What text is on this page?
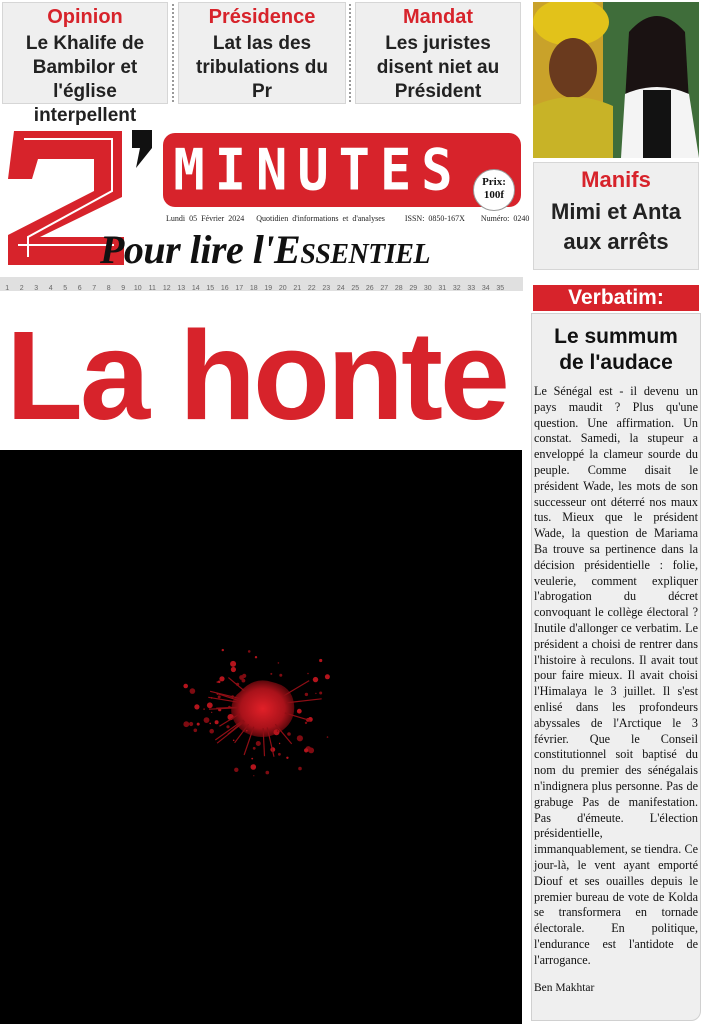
Opinion
Le Khalife de Bambilor et l'église interpellent
Présidence
Lat las des tribulations du Pr
Mandat
Les juristes disent niet au Président
MINUTES	Prix:
100f
Lundi 05 Février 2024 Quotidien d'informations et d'analyses	ISSN: 0850-167X Numéro: 0240
Pour lire l'Essentiel
1 2 3 4 5 6 7 8 9 10 11 12 13 14 15 16 17 18 19 20 21 22 23 24 25 26 27 28 29 30 31 32 33 34 35
La honte
Manifs
Mimi et Anta aux arrêts
Verbatim:
Le summum de l'audace
Le Sénégal est - il devenu un pays maudit ? Plus qu'une question. Une affirmation. Un constat. Samedi, la stupeur a enveloppé la clameur sourde du peuple. Comme disait le président Wade, les mots de son successeur ont déterré nos maux tus. Mieux que le président Wade, la question de Mariama Ba trouve sa pertinence dans la décision présidentielle : folie, veulerie, comment expliquer l'abrogation du décret convoquant le collège électoral ? Inutile d'allonger ce verbatim. Le président a choisi de rentrer dans l'histoire à reculons. Il avait tout pour faire mieux. Il avait choisi l'Himalaya le 3 juillet. Il s'est enlisé dans les profondeurs abyssales de l'Arctique le 3 février. Que le Conseil constitutionnel soit baptisé du nom du premier des sénégalais n'indignera plus personne. Pas de grabuge Pas de manifestation. Pas d'émeute. L'élection présidentielle, immanquablement, se tiendra. Ce jour-là, le vent ayant emporté Diouf et ses ouailles depuis le premier bureau de vote de Kolda se transformera en tornade électorale. En politique, l'endurance est l'antidote de l'arrogance.
Ben Makhtar
